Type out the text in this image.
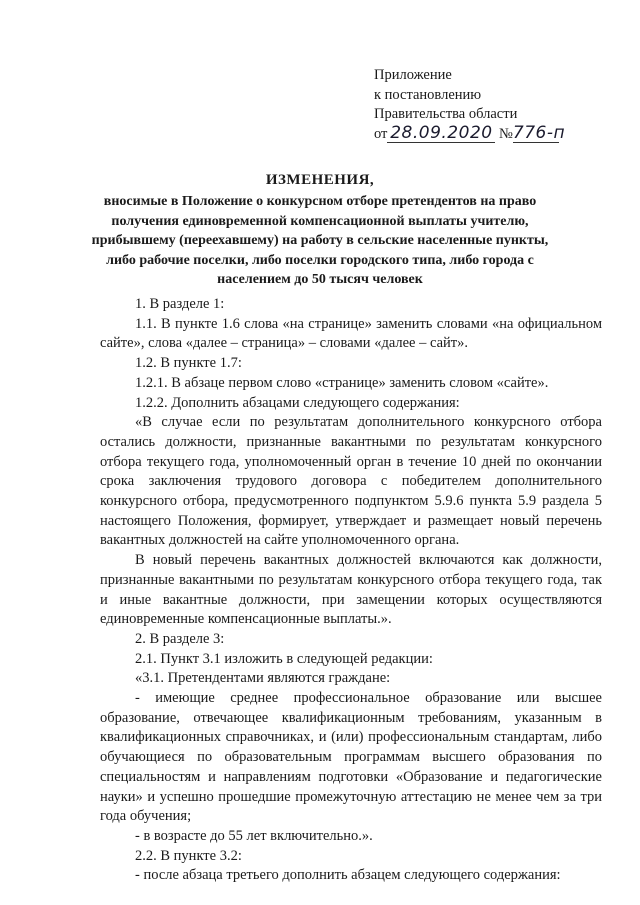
Приложение
к постановлению
Правительства области
от 28.09.2020 №776-п
ИЗМЕНЕНИЯ,
вносимые в Положение о конкурсном отборе претендентов на право получения единовременной компенсационной выплаты учителю, прибывшему (переехавшему) на работу в сельские населенные пункты, либо рабочие поселки, либо поселки городского типа, либо города с населением до 50 тысяч человек

1. В разделе 1:

1.1. В пункте 1.6 слова «на странице» заменить словами «на официальном сайте», слова «далее – страница» – словами «далее – сайт».

1.2. В пункте 1.7:

1.2.1. В абзаце первом слово «странице» заменить словом «сайте».

1.2.2. Дополнить абзацами следующего содержания:

«В случае если по результатам дополнительного конкурсного отбора остались должности, признанные вакантными по результатам конкурсного отбора текущего года, уполномоченный орган в течение 10 дней по окончании срока заключения трудового договора с победителем дополнительного конкурсного отбора, предусмотренного подпунктом 5.9.6 пункта 5.9 раздела 5 настоящего Положения, формирует, утверждает и размещает новый перечень вакантных должностей на сайте уполномоченного органа.

В новый перечень вакантных должностей включаются как должности, признанные вакантными по результатам конкурсного отбора текущего года, так и иные вакантные должности, при замещении которых осуществляются единовременные компенсационные выплаты.».

2. В разделе 3:

2.1. Пункт 3.1 изложить в следующей редакции:

«3.1. Претендентами являются граждане:

- имеющие среднее профессиональное образование или высшее образование, отвечающее квалификационным требованиям, указанным в квалификационных справочниках, и (или) профессиональным стандартам, либо обучающиеся по образовательным программам высшего образования по специальностям и направлениям подготовки «Образование и педагогические науки» и успешно прошедшие промежуточную аттестацию не менее чем за три года обучения;

- в возрасте до 55 лет включительно.».

2.2. В пункте 3.2:

- после абзаца третьего дополнить абзацем следующего содержания:
